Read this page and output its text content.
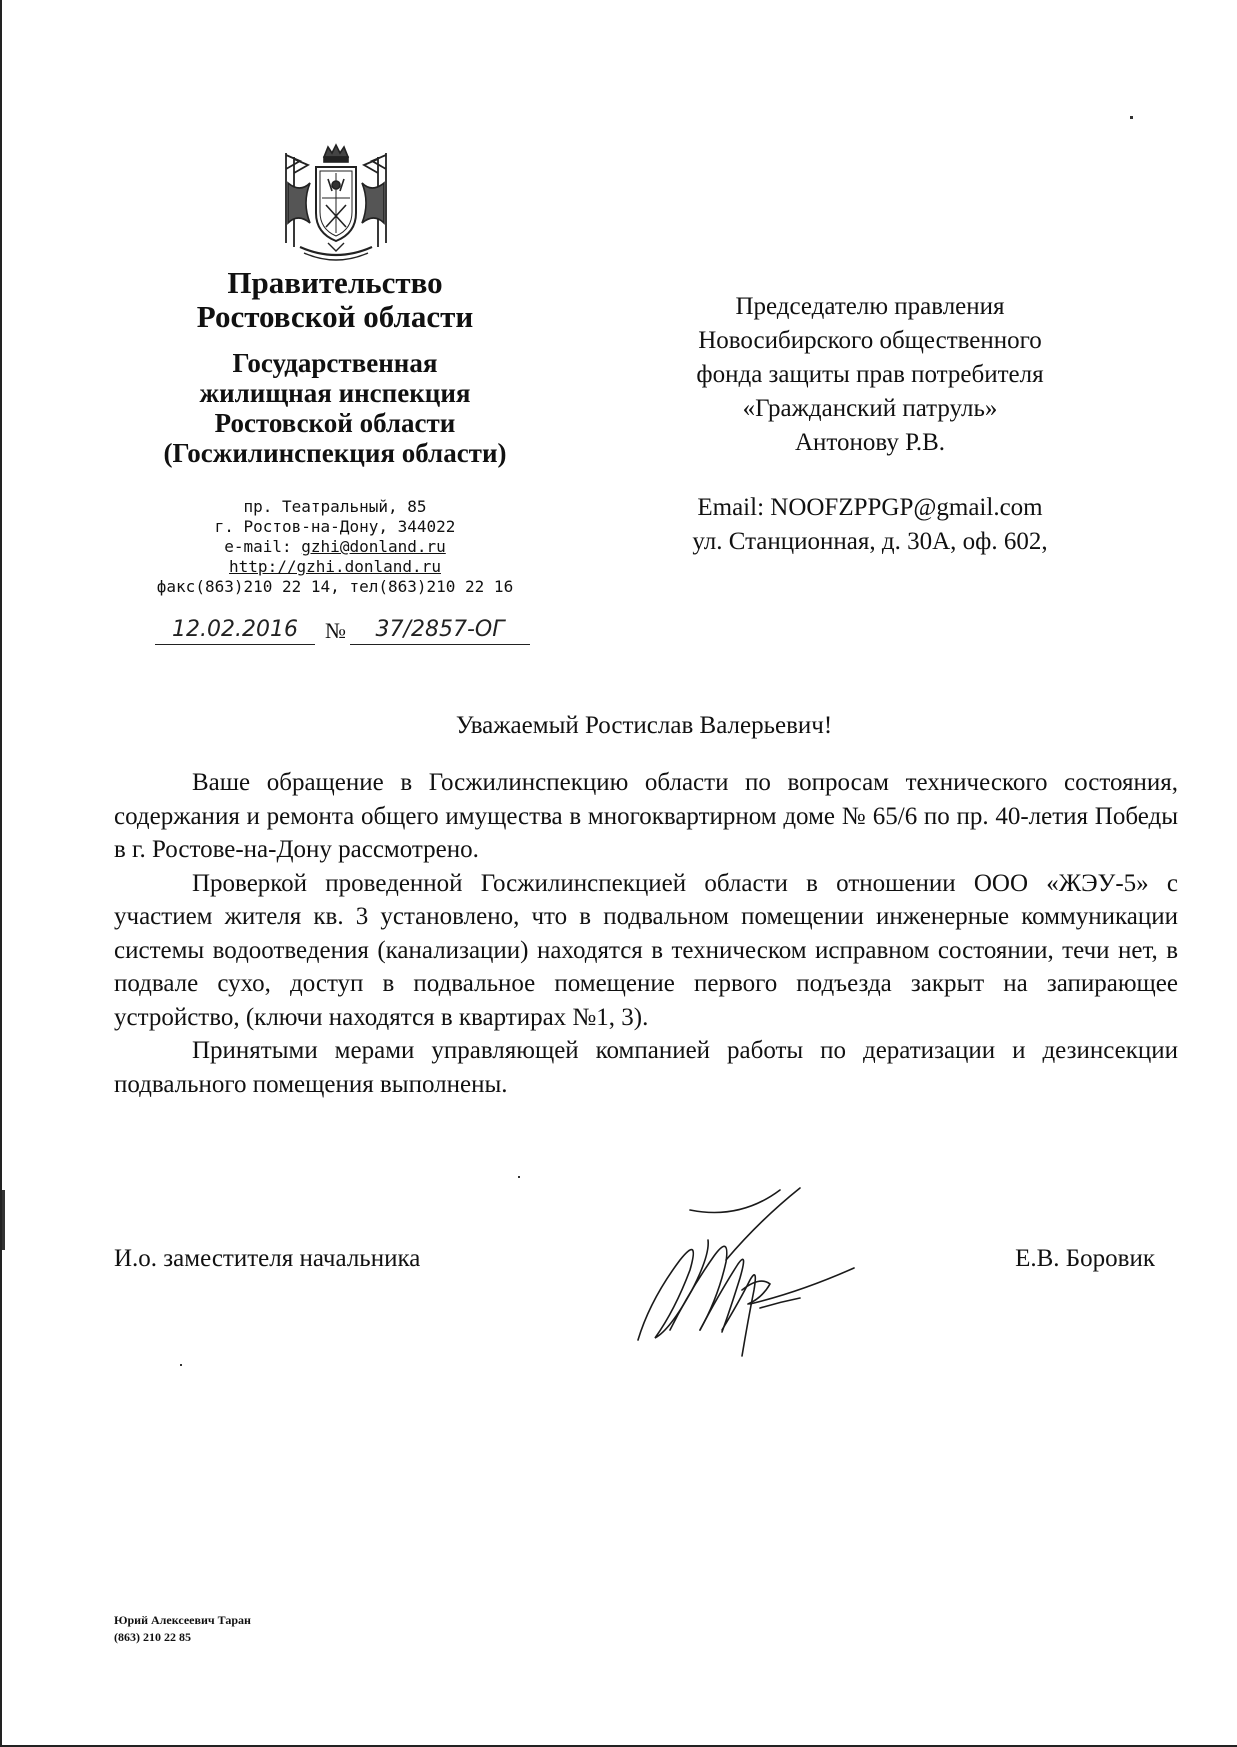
Правительство
Ростовской области
Государственная
жилищная инспекция
Ростовской области
(Госжилинспекция области)
пр. Театральный, 85
г. Ростов-на-Дону, 344022
e-mail: gzhi@donland.ru
http://gzhi.donland.ru
факс(863)210 22 14, тел(863)210 22 16
12.02.2016	№	37/2857-ОГ
Председателю правления
Новосибирского общественного
фонда защиты прав потребителя
«Гражданский патруль»
Антонову Р.В.
Email: NOOFZPPGP@gmail.com
ул. Станционная, д. 30А, оф. 602,
Уважаемый Ростислав Валерьевич!

Ваше обращение в Госжилинспекцию области по вопросам технического состояния, содержания и ремонта общего имущества в многоквартирном доме № 65/6 по пр. 40-летия Победы в г. Ростове-на-Дону рассмотрено.

Проверкой проведенной Госжилинспекцией области в отношении ООО «ЖЭУ-5» с участием жителя кв. 3 установлено, что в подвальном помещении инженерные коммуникации системы водоотведения (канализации) находятся в техническом исправном состоянии, течи нет, в подвале сухо, доступ в подвальное помещение первого подъезда закрыт на запирающее устройство, (ключи находятся в квартирах №1, 3).

Принятыми мерами управляющей компанией работы по дератизации и дезинсекции подвального помещения выполнены.

И.о. заместителя начальника	Е.В. Боровик
Юрий Алексеевич Таран
(863) 210 22 85
